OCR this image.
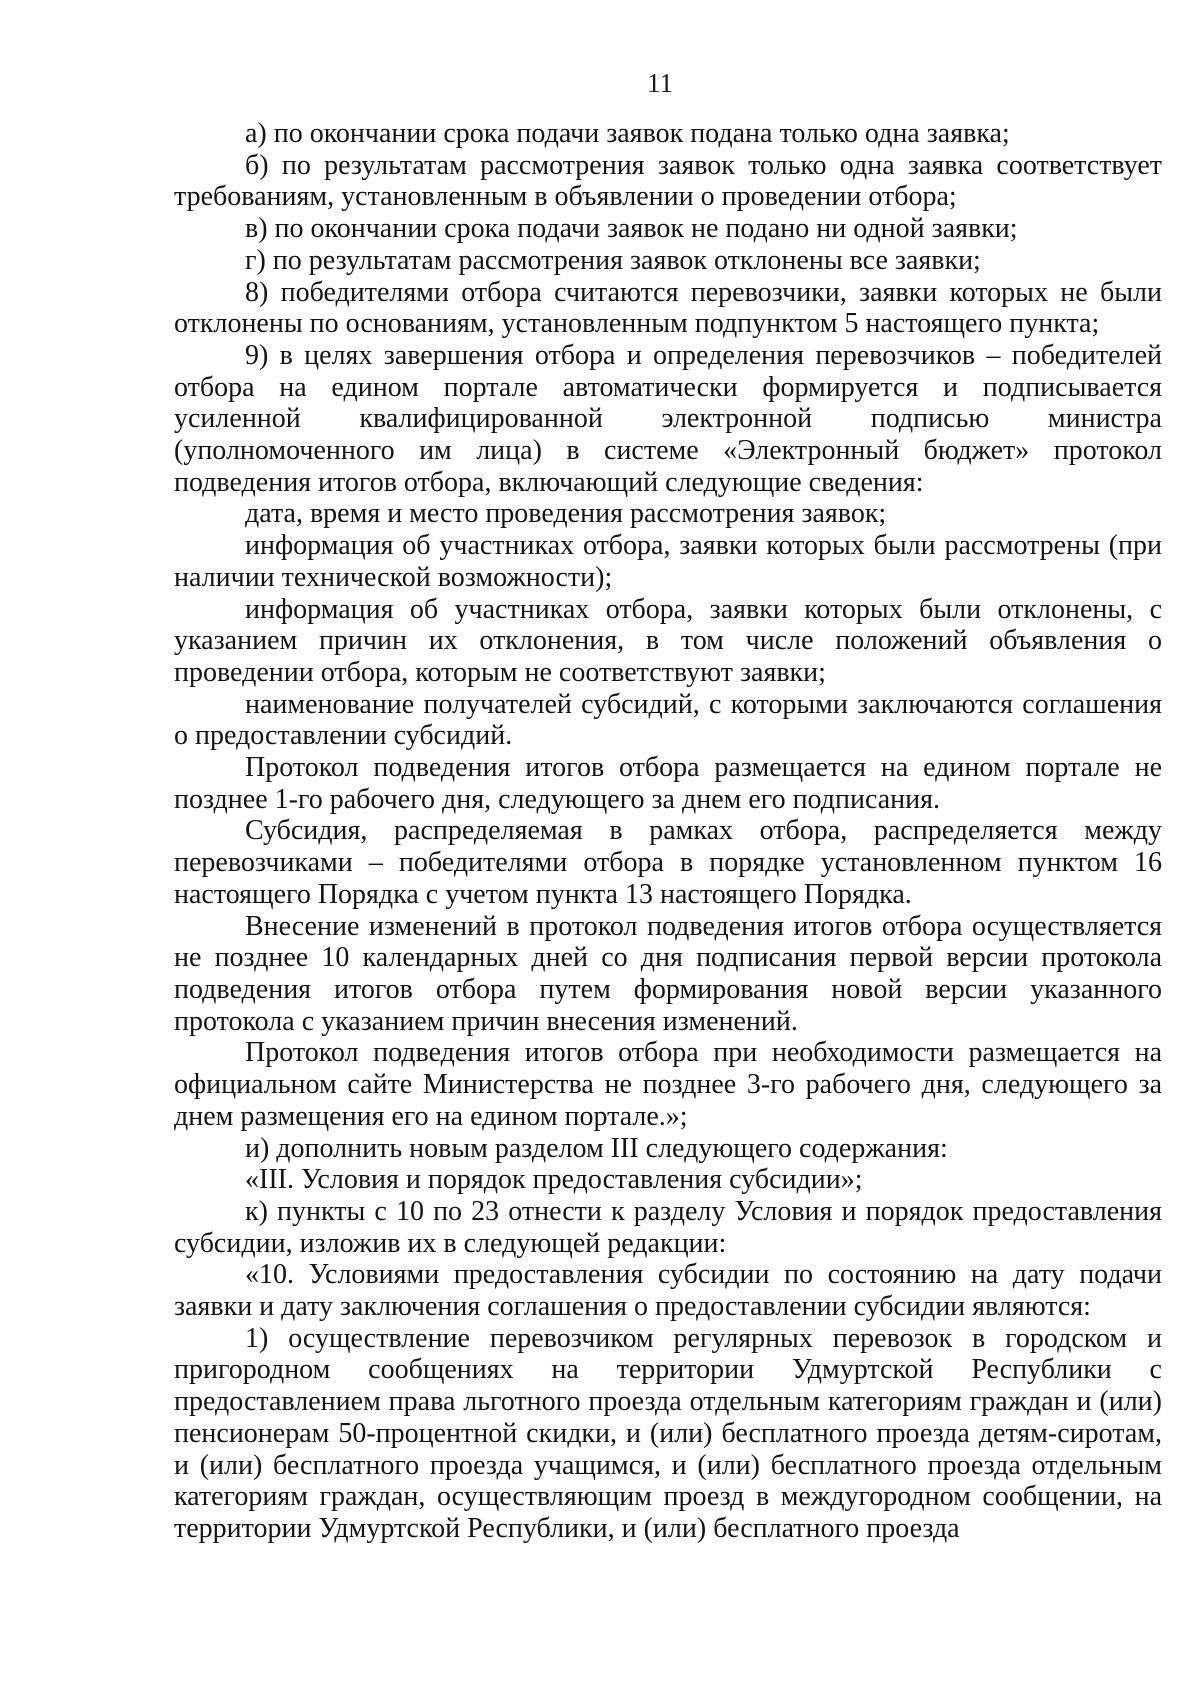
11

а) по окончании срока подачи заявок подана только одна заявка;

б) по результатам рассмотрения заявок только одна заявка соответствует требованиям, установленным в объявлении о проведении отбора;

в) по окончании срока подачи заявок не подано ни одной заявки;

г) по результатам рассмотрения заявок отклонены все заявки;

8) победителями отбора считаются перевозчики, заявки которых не были отклонены по основаниям, установленным подпунктом 5 настоящего пункта;

9) в целях завершения отбора и определения перевозчиков – победителей отбора на едином портале автоматически формируется и подписывается усиленной квалифицированной электронной подписью министра (уполномоченного им лица) в системе «Электронный бюджет» протокол подведения итогов отбора, включающий следующие сведения:

дата, время и место проведения рассмотрения заявок;

информация об участниках отбора, заявки которых были рассмотрены (при наличии технической возможности);

информация об участниках отбора, заявки которых были отклонены, с указанием причин их отклонения, в том числе положений объявления о проведении отбора, которым не соответствуют заявки;

наименование получателей субсидий, с которыми заключаются соглашения о предоставлении субсидий.

Протокол подведения итогов отбора размещается на едином портале не позднее 1-го рабочего дня, следующего за днем его подписания.

Субсидия, распределяемая в рамках отбора, распределяется между перевозчиками – победителями отбора в порядке установленном пунктом 16 настоящего Порядка с учетом пункта 13 настоящего Порядка.

Внесение изменений в протокол подведения итогов отбора осуществляется не позднее 10 календарных дней со дня подписания первой версии протокола подведения итогов отбора путем формирования новой версии указанного протокола с указанием причин внесения изменений.

Протокол подведения итогов отбора при необходимости размещается на официальном сайте Министерства не позднее 3-го рабочего дня, следующего за днем размещения его на едином портале.»;

и) дополнить новым разделом III следующего содержания:

«III. Условия и порядок предоставления субсидии»;

к) пункты с 10 по 23 отнести к разделу Условия и порядок предоставления субсидии, изложив их в следующей редакции:

«10. Условиями предоставления субсидии по состоянию на дату подачи заявки и дату заключения соглашения о предоставлении субсидии являются:

1) осуществление перевозчиком регулярных перевозок в городском и пригородном сообщениях на территории Удмуртской Республики с предоставлением права льготного проезда отдельным категориям граждан и (или) пенсионерам 50-процентной скидки, и (или) бесплатного проезда детям-сиротам, и (или) бесплатного проезда учащимся, и (или) бесплатного проезда отдельным категориям граждан, осуществляющим проезд в междугородном сообщении, на территории Удмуртской Республики, и (или) бесплатного проезда
